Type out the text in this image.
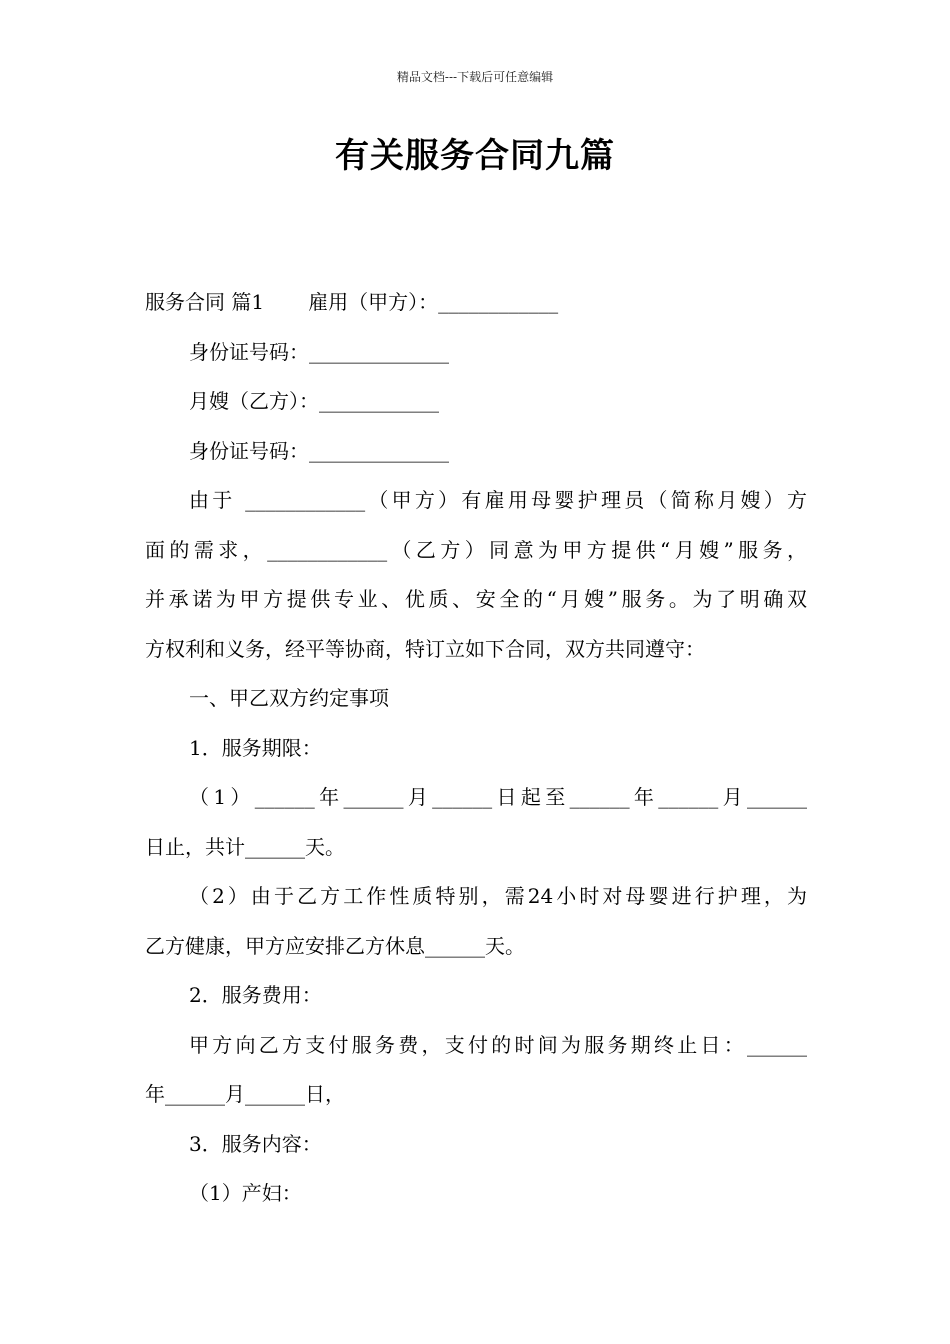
精品文档---下载后可任意编辑
有关服务合同九篇
服务合同 篇1 雇用（甲方）：____________
身份证号码：______________
月嫂（乙方）：____________
身份证号码：______________
由于 ____________（甲方）有雇用母婴护理员（简称月嫂）方
面的需求，____________（乙方）同意为甲方提供“月嫂”服务，
并承诺为甲方提供专业、优质、安全的“月嫂”服务。为了明确双
方权利和义务，经平等协商，特订立如下合同，双方共同遵守：
一、甲乙双方约定事项
1．服务期限：
（1）______年______月______日起至______年______月______
日止，共计______天。
（2）由于乙方工作性质特别，需24小时对母婴进行护理，为
乙方健康，甲方应安排乙方休息______天。
2．服务费用：
甲方向乙方支付服务费，支付的时间为服务期终止日：______
年______月______日，
3．服务内容：
（1）产妇：
